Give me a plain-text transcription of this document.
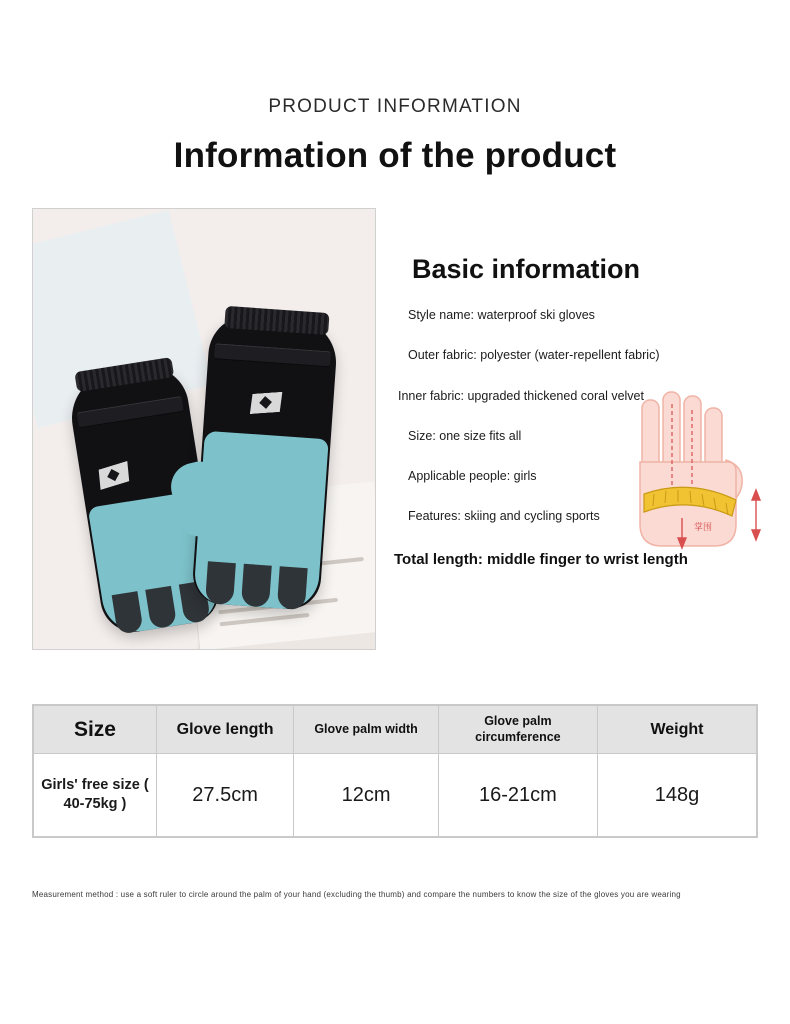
PRODUCT INFORMATION
Information of the product
Basic information

Style name: waterproof ski gloves

Outer fabric: polyester (water-repellent fabric)

Inner fabric: upgraded thickened coral velvet

Size: one size fits all

Applicable people: girls

Features: skiing and cycling sports

Total length: middle finger to wrist length

掌围
Size	Glove length	Glove palm width	Glove palm circumference	Weight
Girls' free size ( 40-75kg )	27.5cm	12cm	16-21cm	148g
Measurement method : use a soft ruler to circle around the palm of your hand (excluding the thumb) and compare the numbers to know the size of the gloves you are wearing
